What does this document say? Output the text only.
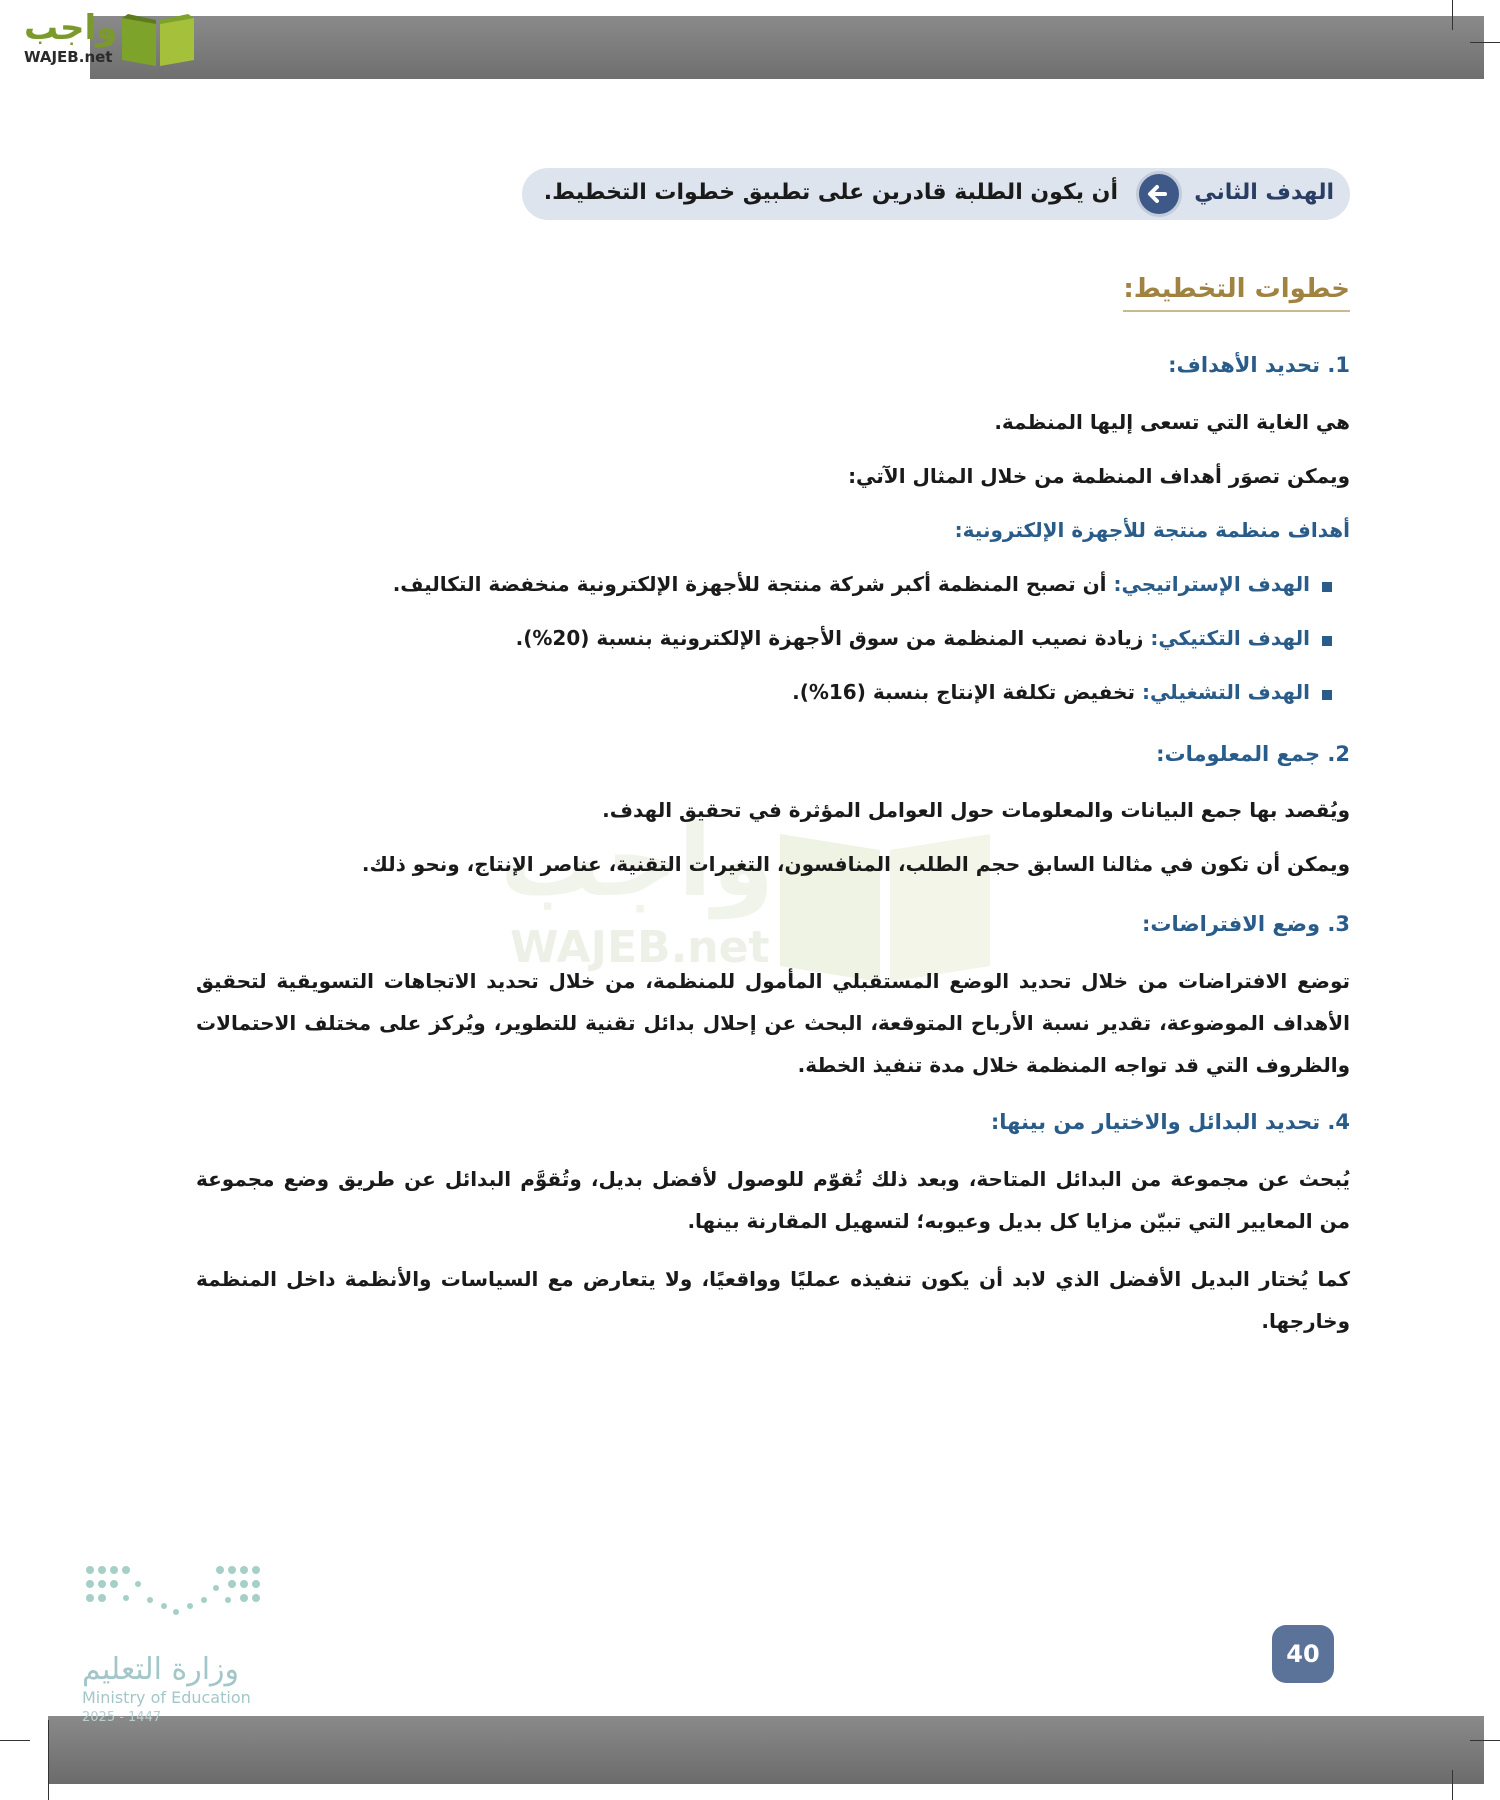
واجب
WAJEB.net
واجب
WAJEB.net
الهدف الثاني
أن يكون الطلبة قادرين على تطبيق خطوات التخطيط.
خطوات التخطيط:
1. تحديد الأهداف:
هي الغاية التي تسعى إليها المنظمة.
ويمكن تصوَر أهداف المنظمة من خلال المثال الآتي:
أهداف منظمة منتجة للأجهزة الإلكترونية:
الهدف الإستراتيجي: أن تصبح المنظمة أكبر شركة منتجة للأجهزة الإلكترونية منخفضة التكاليف.
الهدف التكتيكي: زيادة نصيب المنظمة من سوق الأجهزة الإلكترونية بنسبة (20%).
الهدف التشغيلي: تخفيض تكلفة الإنتاج بنسبة (16%).
2. جمع المعلومات:
ويُقصد بها جمع البيانات والمعلومات حول العوامل المؤثرة في تحقيق الهدف.
ويمكن أن تكون في مثالنا السابق حجم الطلب، المنافسون، التغيرات التقنية، عناصر الإنتاج، ونحو ذلك.
3. وضع الافتراضات:
توضع الافتراضات من خلال تحديد الوضع المستقبلي المأمول للمنظمة، من خلال تحديد الاتجاهات التسويقية لتحقيق الأهداف الموضوعة، تقدير نسبة الأرباح المتوقعة، البحث عن إحلال بدائل تقنية للتطوير، ويُركز على مختلف الاحتمالات والظروف التي قد تواجه المنظمة خلال مدة تنفيذ الخطة.
4. تحديد البدائل والاختيار من بينها:
يُبحث عن مجموعة من البدائل المتاحة، وبعد ذلك تُقوّم للوصول لأفضل بديل، وتُقوَّم البدائل عن طريق وضع مجموعة من المعايير التي تبيّن مزايا كل بديل وعيوبه؛ لتسهيل المقارنة بينها.
كما يُختار البديل الأفضل الذي لابد أن يكون تنفيذه عمليًا وواقعيًا، ولا يتعارض مع السياسات والأنظمة داخل المنظمة وخارجها.
وزارة التعليم
Ministry of Education
2025 - 1447
40
